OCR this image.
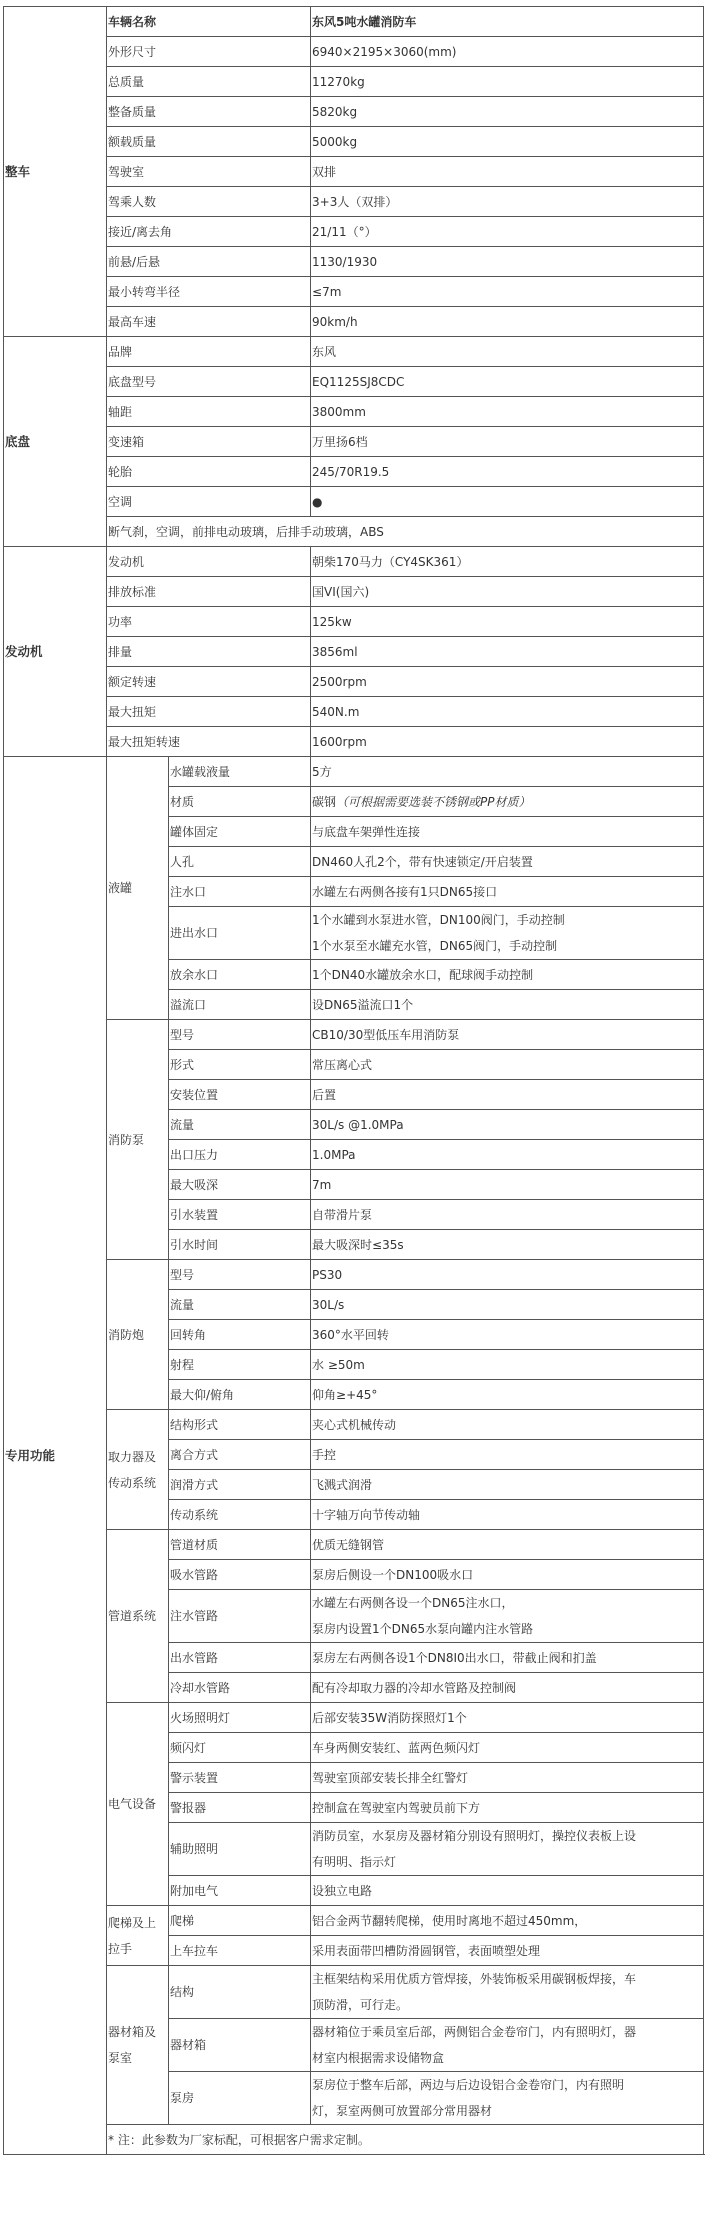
整车	车辆名称		东风5吨水罐消防车
	外形尺寸		6940×2195×3060(mm)
	总质量		11270kg
	整备质量		5820kg
	额载质量		5000kg
	驾驶室		双排
	驾乘人数		3+3人（双排）
	接近/离去角		21/11（°）
	前悬/后悬		1130/1930
	最小转弯半径		≤7m
	最高车速		90km/h
底盘	品牌		东风
	底盘型号		EQ1125SJ8CDC
	轴距		3800mm
	变速箱		万里扬6档
	轮胎		245/70R19.5
	空调		●
	断气刹，空调，前排电动玻璃，后排手动玻璃，ABS		
发动机	发动机		朝柴170马力（CY4SK361）
	排放标准		国VI(国六)
	功率		125kw
	排量		3856ml
	额定转速		2500rpm
	最大扭矩		540N.m
	最大扭矩转速		1600rpm
专用功能	液罐	水罐载液量	5方
		材质	碳钢（可根据需要选装不锈钢或PP材质）
		罐体固定	与底盘车架弹性连接
		人孔	DN460人孔2个，带有快速锁定/开启装置
		注水口	水罐左右两侧各接有1只DN65接口
		进出水口	1个水罐到水泵进水管，DN100阀门，手动控制
1个水泵至水罐充水管，DN65阀门，手动控制

		放余水口	1个DN40水罐放余水口，配球阀手动控制
		溢流口	设DN65溢流口1个
	消防泵	型号	CB10/30型低压车用消防泵
		形式	常压离心式
		安装位置	后置
		流量	30L/s @1.0MPa
		出口压力	1.0MPa
		最大吸深	7m
		引水装置	自带滑片泵
		引水时间	最大吸深时≤35s
	消防炮	型号	PS30
		流量	30L/s
		回转角	360°水平回转
		射程	水 ≥50m
		最大仰/俯角	仰角≥+45°

	取力器及
传动系统	结构形式	夹心式机械传动
		离合方式	手控
		润滑方式	飞溅式润滑
		传动系统	十字轴万向节传动轴
	管道系统	管道材质	优质无缝钢管
		吸水管路	泵房后侧设一个DN100吸水口
		注水管路	水罐左右两侧各设一个DN65注水口，
泵房内设置1个DN65水泵向罐内注水管路

		出水管路	泵房左右两侧各设1个DN8I0出水口，带截止阀和扪盖
		冷却水管路	配有冷却取力器的冷却水管路及控制阀
	电气设备	火场照明灯	后部安装35W消防探照灯1个
		频闪灯	车身两侧安装红、蓝两色频闪灯
		警示装置	驾驶室顶部安装长排全红警灯
		警报器	控制盒在驾驶室内驾驶员前下方
		辅助照明	消防员室，水泵房及器材箱分别设有照明灯，操控仪表板上设
有明明、指示灯

		附加电气	设独立电路

	爬梯及上
拉手	爬梯	铝合金两节翻转爬梯，使用时离地不超过450mm，
		上车拉车	采用表面带凹槽防滑圆钢管，表面喷塑处理

	器材箱及
泵室	结构	主框架结构采用优质方管焊接，外装饰板采用碳钢板焊接，车
顶防滑，可行走。

		器材箱	器材箱位于乘员室后部，两侧铝合金卷帘门，内有照明灯，器
材室内根据需求设储物盒

		泵房	泵房位于整车后部，两边与后边设铝合金卷帘门，内有照明
灯，泵室两侧可放置部分常用器材

	* 注：此参数为厂家标配，可根据客户需求定制。		
